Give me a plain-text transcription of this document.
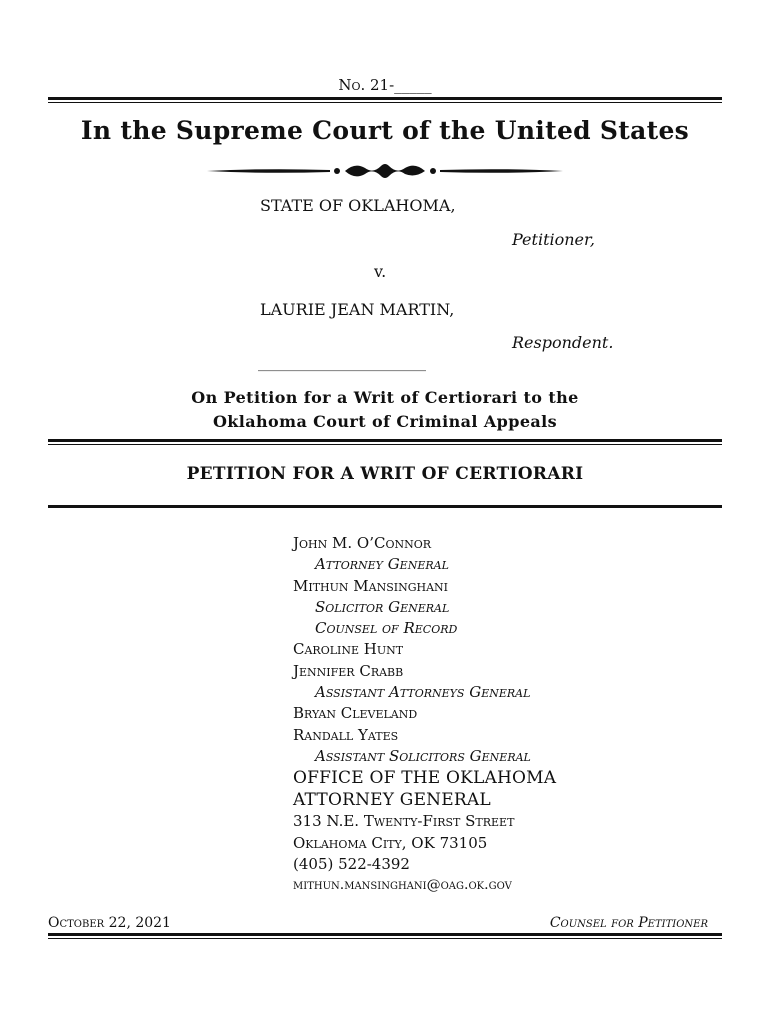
No. 21-_____
In the Supreme Court of the United States
STATE OF OKLAHOMA,
Petitioner,
v.
LAURIE JEAN MARTIN,
Respondent.
________________________
On Petition for a Writ of Certiorari to the
Oklahoma Court of Criminal Appeals
PETITION FOR A WRIT OF CERTIORARI
John M. O’Connor
Attorney General
Mithun Mansinghani
Solicitor General
Counsel of Record
Caroline Hunt
Jennifer Crabb
Assistant Attorneys General
Bryan Cleveland
Randall Yates
Assistant Solicitors General
OFFICE OF THE OKLAHOMA
ATTORNEY GENERAL
313 N.E. Twenty-First Street
Oklahoma City, OK 73105
(405) 522-4392
mithun.mansinghani@oag.ok.gov
October 22, 2021	Counsel for Petitioner
